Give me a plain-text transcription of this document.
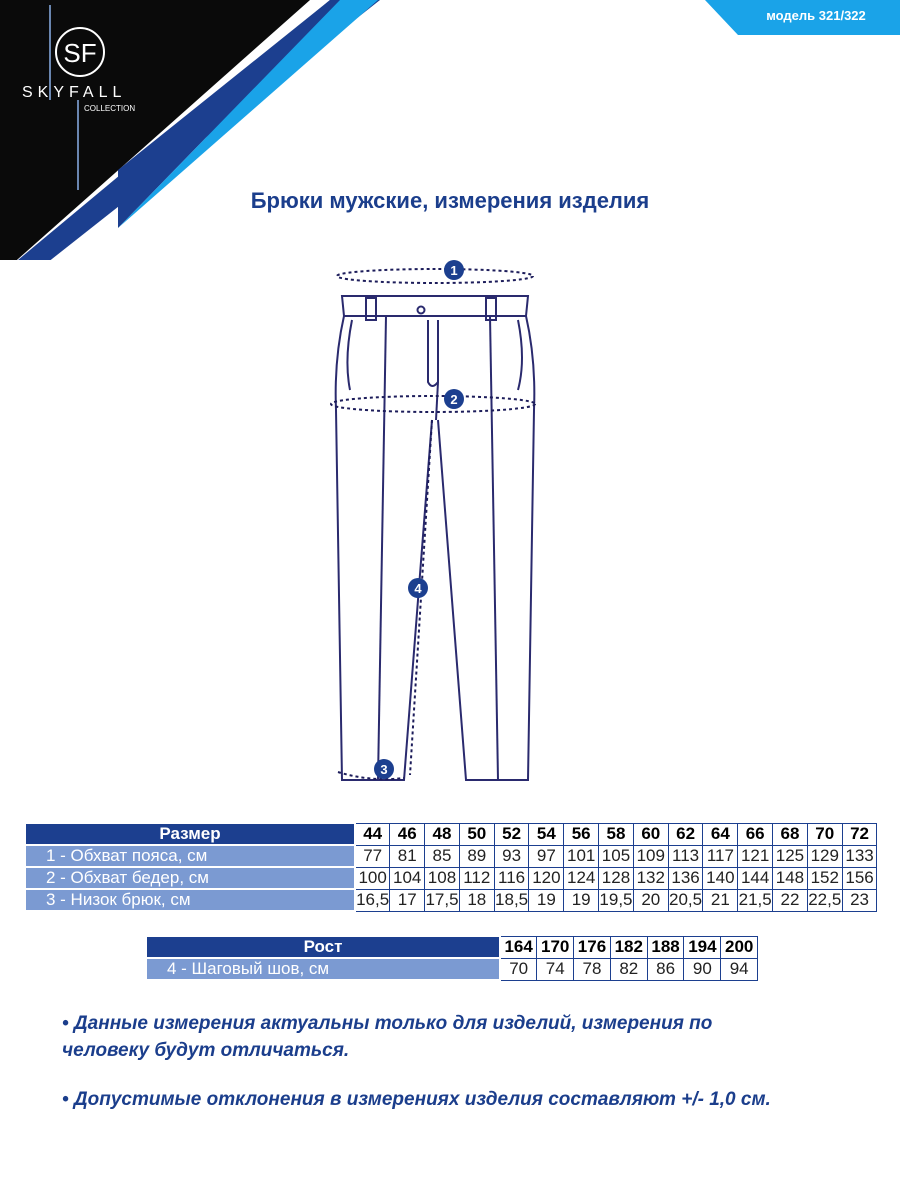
SF
SKYFALL
COLLECTION
модель 321/322
Брюки мужские, измерения изделия
1
2
3
4
Размер	44	46	48	50	52	54	56	58	60	62	64	66	68	70	72
1 - Обхват пояса, см	77	81	85	89	93	97	101	105	109	113	117	121	125	129	133
2 - Обхват бедер, см	100	104	108	112	116	120	124	128	132	136	140	144	148	152	156
3 - Низок брюк, см	16,5	17	17,5	18	18,5	19	19	19,5	20	20,5	21	21,5	22	22,5	23
Рост	164	170	176	182	188	194	200
4 - Шаговый шов, см	70	74	78	82	86	90	94
• Данные измерения актуальны только для изделий, измерения по человеку будут отличаться.
• Допустимые отклонения в измерениях изделия составляют +/- 1,0 см.
